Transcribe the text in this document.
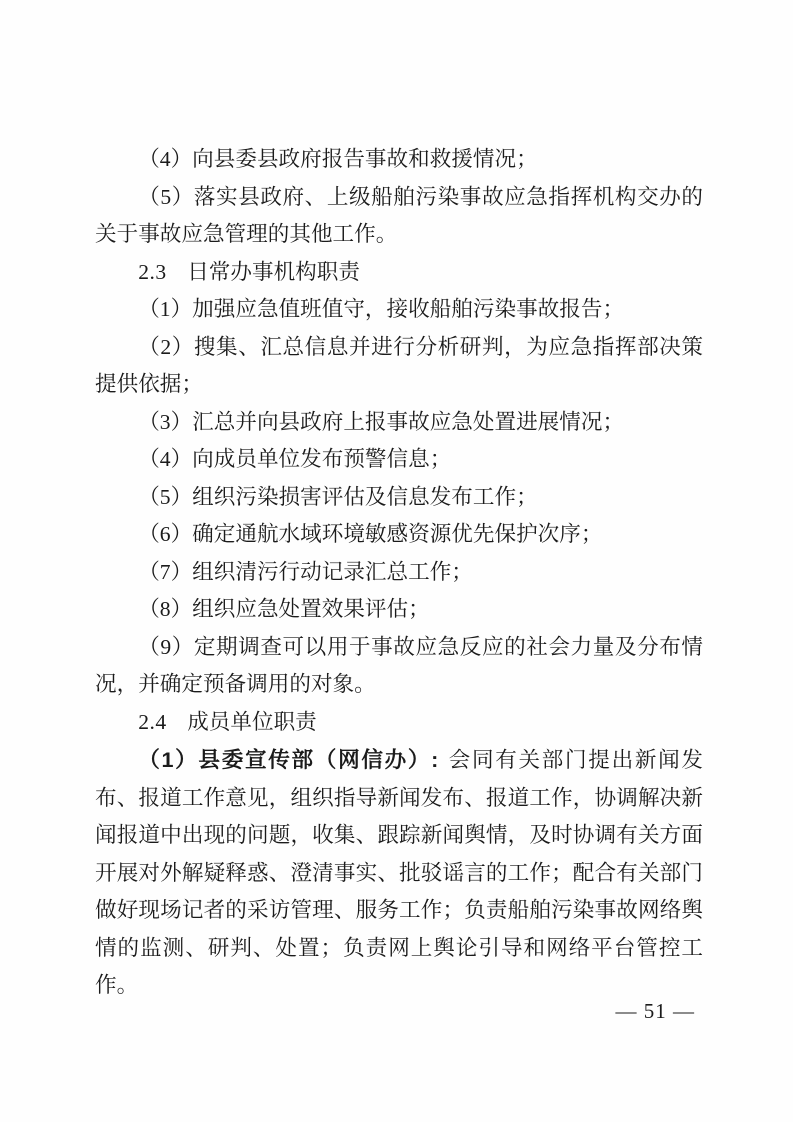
（4）向县委县政府报告事故和救援情况；

（5）落实县政府、上级船舶污染事故应急指挥机构交办的关于事故应急管理的其他工作。

2.3 日常办事机构职责

（1）加强应急值班值守，接收船舶污染事故报告；

（2）搜集、汇总信息并进行分析研判，为应急指挥部决策提供依据；

（3）汇总并向县政府上报事故应急处置进展情况；

（4）向成员单位发布预警信息；

（5）组织污染损害评估及信息发布工作；

（6）确定通航水域环境敏感资源优先保护次序；

（7）组织清污行动记录汇总工作；

（8）组织应急处置效果评估；

（9）定期调查可以用于事故应急反应的社会力量及分布情况，并确定预备调用的对象。

2.4 成员单位职责

（1）县委宣传部（网信办）: 会同有关部门提出新闻发布、报道工作意见，组织指导新闻发布、报道工作，协调解决新闻报道中出现的问题，收集、跟踪新闻舆情，及时协调有关方面开展对外解疑释惑、澄清事实、批驳谣言的工作；配合有关部门做好现场记者的采访管理、服务工作；负责船舶污染事故网络舆情的监测、研判、处置；负责网上舆论引导和网络平台管控工作。

— 51 —
